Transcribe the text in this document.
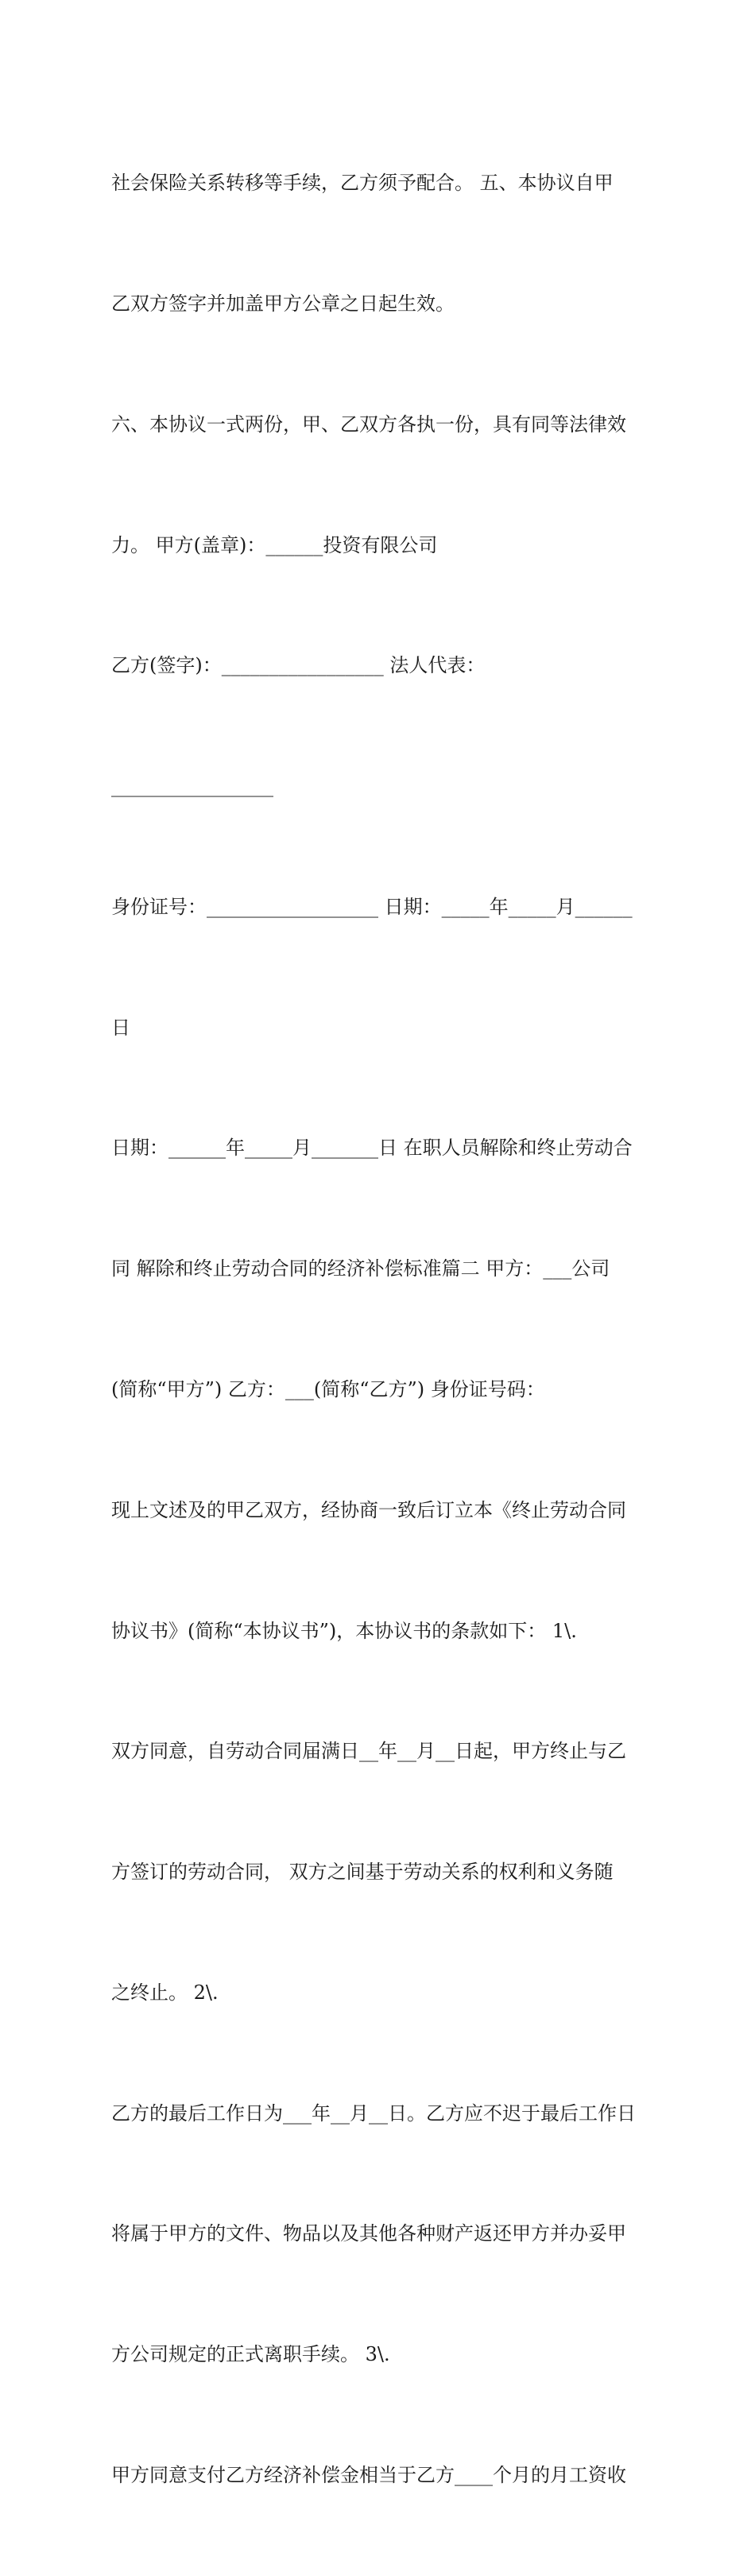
社会保险关系转移等手续，乙方须予配合。 五、本协议自甲

乙双方签字并加盖甲方公章之日起生效。

六、本协议一式两份，甲、乙双方各执一份，具有同等法律效

力。 甲方(盖章)：______投资有限公司

乙方(签字)：_________________ 法人代表：

_________________

身份证号：__________________ 日期：_____年_____月______

日

日期：______年_____月_______日 在职人员解除和终止劳动合

同 解除和终止劳动合同的经济补偿标准篇二 甲方：___公司

(简称“甲方”) 乙方：___(简称“乙方”) 身份证号码：

现上文述及的甲乙双方，经协商一致后订立本《终止劳动合同

协议书》(简称“本协议书”)，本协议书的条款如下： 1\.

双方同意，自劳动合同届满日__年__月__日起，甲方终止与乙

方签订的劳动合同， 双方之间基于劳动关系的权利和义务随

之终止。 2\.

乙方的最后工作日为___年__月__日。乙方应不迟于最后工作日

将属于甲方的文件、物品以及其他各种财产返还甲方并办妥甲

方公司规定的正式离职手续。 3\.

甲方同意支付乙方经济补偿金相当于乙方____个月的月工资收
